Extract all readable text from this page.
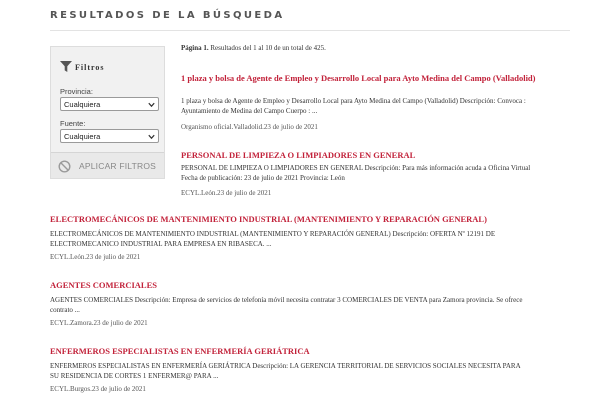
RESULTADOS DE LA BÚSQUEDA
Filtros
Provincia:
Cualquiera
Fuente:
Cualquiera
APLICAR FILTROS
Página 1. Resultados del 1 al 10 de un total de 425.
1 plaza y bolsa de Agente de Empleo y Desarrollo Local para Ayto Medina del Campo (Valladolid)
1 plaza y bolsa de Agente de Empleo y Desarrollo Local para Ayto Medina del Campo (Valladolid) Descripción: Convoca : Ayuntamiento de Medina del Campo Cuerpo : ...
Organismo oficial.Valladolid.23 de julio de 2021
PERSONAL DE LIMPIEZA O LIMPIADORES EN GENERAL
PERSONAL DE LIMPIEZA O LIMPIADORES EN GENERAL Descripción: Para más información acuda a Oficina Virtual Fecha de publicación: 23 de julio de 2021 Provincia: León
ECYL.León.23 de julio de 2021
ELECTROMECÁNICOS DE MANTENIMIENTO INDUSTRIAL (MANTENIMIENTO Y REPARACIÓN GENERAL)
ELECTROMECÁNICOS DE MANTENIMIENTO INDUSTRIAL (MANTENIMIENTO Y REPARACIÓN GENERAL) Descripción: OFERTA Nº 12191 DE ELECTROMECANICO INDUSTRIAL PARA EMPRESA EN RIBASECA. ...
ECYL.León.23 de julio de 2021
AGENTES COMERCIALES
AGENTES COMERCIALES Descripción: Empresa de servicios de telefonía móvil necesita contratar 3 COMERCIALES DE VENTA para Zamora provincia. Se ofrece contrato ...
ECYL.Zamora.23 de julio de 2021
ENFERMEROS ESPECIALISTAS EN ENFERMERÍA GERIÁTRICA
ENFERMEROS ESPECIALISTAS EN ENFERMERÍA GERIÁTRICA Descripción: LA GERENCIA TERRITORIAL DE SERVICIOS SOCIALES NECESITA PARA SU RESIDENCIA DE CORTES 1 ENFERMER@ PARA ...
ECYL.Burgos.23 de julio de 2021
